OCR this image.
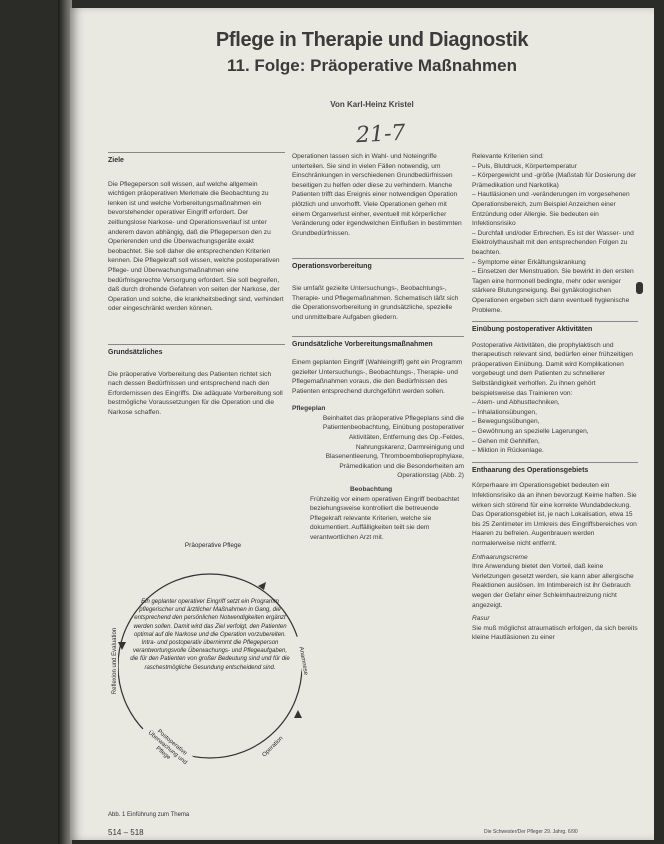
Pflege in Therapie und Diagnostik
11. Folge: Präoperative Maßnahmen
Von Karl-Heinz Kristel
21-7

Ziele

Die Pflegeperson soll wissen, auf welche allgemein wichtigen präoperativen Merkmale die Beobachtung zu lenken ist und welche Vorbereitungsmaßnahmen ein bevorstehender operativer Eingriff erfordert. Der zeitlungslose Narkose- und Operationsverlauf ist unter anderem davon abhängig, daß die Pflegeperson den zu Operierenden und die Überwachungsgeräte exakt beobachtet. Sie soll daher die entsprechenden Kriterien kennen. Die Pflegekraft soll wissen, welche postoperativen Pflege- und Überwachungsmaßnahmen eine bedürfnisgerechte Versorgung erfordert. Sie soll begreifen, daß durch drohende Gefahren von seiten der Narkose, der Operation und solche, die krankheitsbedingt sind, verhindert oder eingeschränkt werden können.

Grundsätzliches

Die präoperative Vorbereitung des Patienten richtet sich nach dessen Bedürfnissen und entsprechend nach den Erfordernissen des Eingriffs. Die adäquate Vorbereitung soll bestmögliche Voraussetzungen für die Operation und die Narkose schaffen.

Präoperative Pflege
Reflexion und Evaluation	Anamnese
Operation
Postoperative Überwachung und Pflege
Ein geplanter operativer Eingriff setzt ein Programm pflegerischer und ärztlicher Maßnahmen in Gang, die entsprechend den persönlichen Notwendigkeiten ergänzt werden sollen. Damit wird das Ziel verfolgt, den Patienten optimal auf die Narkose und die Operation vorzubereiten. Intra- und postoperativ übernimmt die Pflegeperson verantwortungsvolle Überwachungs- und Pflegeaufgaben, die für den Patienten von großer Bedeutung sind und für die raschestmögliche Gesundung entscheidend sind.
Abb. 1 Einführung zum Thema
514 – 518

Operationen lassen sich in Wahl- und Noteingriffe unterteilen. Sie sind in vielen Fällen notwendig, um Einschränkungen in verschiedenen Grundbedürfnissen beseitigen zu helfen oder diese zu verhindern. Manche Patienten trifft das Ereignis einer notwendigen Operation plötzlich und unvorhofft. Viele Operationen gehen mit einem Organverlust einher, eventuell mit körperlicher Veränderung oder irgendwelchen Einflußen in bestimmten Grundbedürfnissen.

Operationsvorbereitung

Sie umfaßt gezielte Untersuchungs-, Beobachtungs-, Therapie- und Pflegemaßnahmen. Schematisch läßt sich die Operationsvorbereitung in grundsätzliche, spezielle und unmittelbare Aufgaben gliedern.

Grundsätzliche Vorbereitungsmaßnahmen

Einem geplanten Eingriff (Wahleingriff) geht ein Programm gezielter Untersuchungs-, Beobachtungs-, Therapie- und Pflegemaßnahmen voraus, die den Bedürfnissen des Patienten entsprechend durchgeführt werden sollen.

Pflegeplan

Beinhaltet das präoperative Pflegeplans sind die Patientenbeobachtung, Einübung postoperativer Aktivitäten, Entfernung des Op.-Feldes, Nahrungskarenz, Darmreinigung und Blasenentleerung, Thromboembolieprophylaxe, Prämedikation und die Besonderheiten am Operationstag (Abb. 2)

Beobachtung

Frühzeitig vor einem operativen Eingriff beobachtet beziehungsweise kontrolliert die betreuende Pflegekraft relevante Kriterien, welche sie dokumentiert. Auffälligkeiten teilt sie dem verantwortlichen Arzt mit.

Relevante Kriterien sind:

– Puls, Blutdruck, Körpertemperatur
– Körpergewicht und -größe (Maßstab für Dosierung der Prämedikation und Narkotika)
– Hautläsionen und -veränderungen im vorgesehenen Operationsbereich, zum Beispiel Anzeichen einer Entzündung oder Allergie. Sie bedeuten ein Infektionsrisiko
– Durchfall und/oder Erbrechen. Es ist der Wasser- und Elektrolythaushalt mit den entsprechenden Folgen zu beachten.
– Symptome einer Erkältungskrankung
– Einsetzen der Menstruation. Sie bewirkt in den ersten Tagen eine hormonell bedingte, mehr oder weniger stärkere Blutungsneigung. Bei gynäkologischen Operationen ergeben sich dann eventuell hygienische Probleme.

Einübung postoperativer Aktivitäten

Postoperative Aktivitäten, die prophylaktisch und therapeutisch relevant sind, bedürfen einer frühzeitigen präoperativen Einübung. Damit wird Komplikationen vorgebeugt und dem Patienten zu schnellerer Selbständigkeit verholfen. Zu ihnen gehört beispielsweise das Trainieren von:

– Atem- und Abhusttechniken,
– Inhalationsübungen,
– Bewegungsübungen,
– Gewöhnung an spezielle Lagerungen,
– Gehen mit Gehhilfen,
– Miktion in Rückenlage.

Enthaarung des Operationsgebiets

Körperhaare im Operationsgebiet bedeuten ein Infektionsrisiko da an ihnen bevorzugt Keime haften. Sie wirken sich störend für eine korrekte Wundabdeckung. Das Operationsgebiet ist, je nach Lokalisation, etwa 15 bis 25 Zentimeter im Umkreis des Eingriffsbereiches von Haaren zu befreien. Augenbrauen werden normalerweise nicht entfernt.

Enthaarungscreme

Ihre Anwendung bietet den Vorteil, daß keine Verletzungen gesetzt werden, sie kann aber allergische Reaktionen auslösen. Im Intimbereich ist ihr Gebrauch wegen der Gefahr einer Schleimhautreizung nicht angezeigt.

Rasur

Sie muß möglichst atraumatisch erfolgen, da sich bereits kleine Hautläsionen zu einer

Die Schwester/Der Pfleger 29. Jahrg. 6/90
